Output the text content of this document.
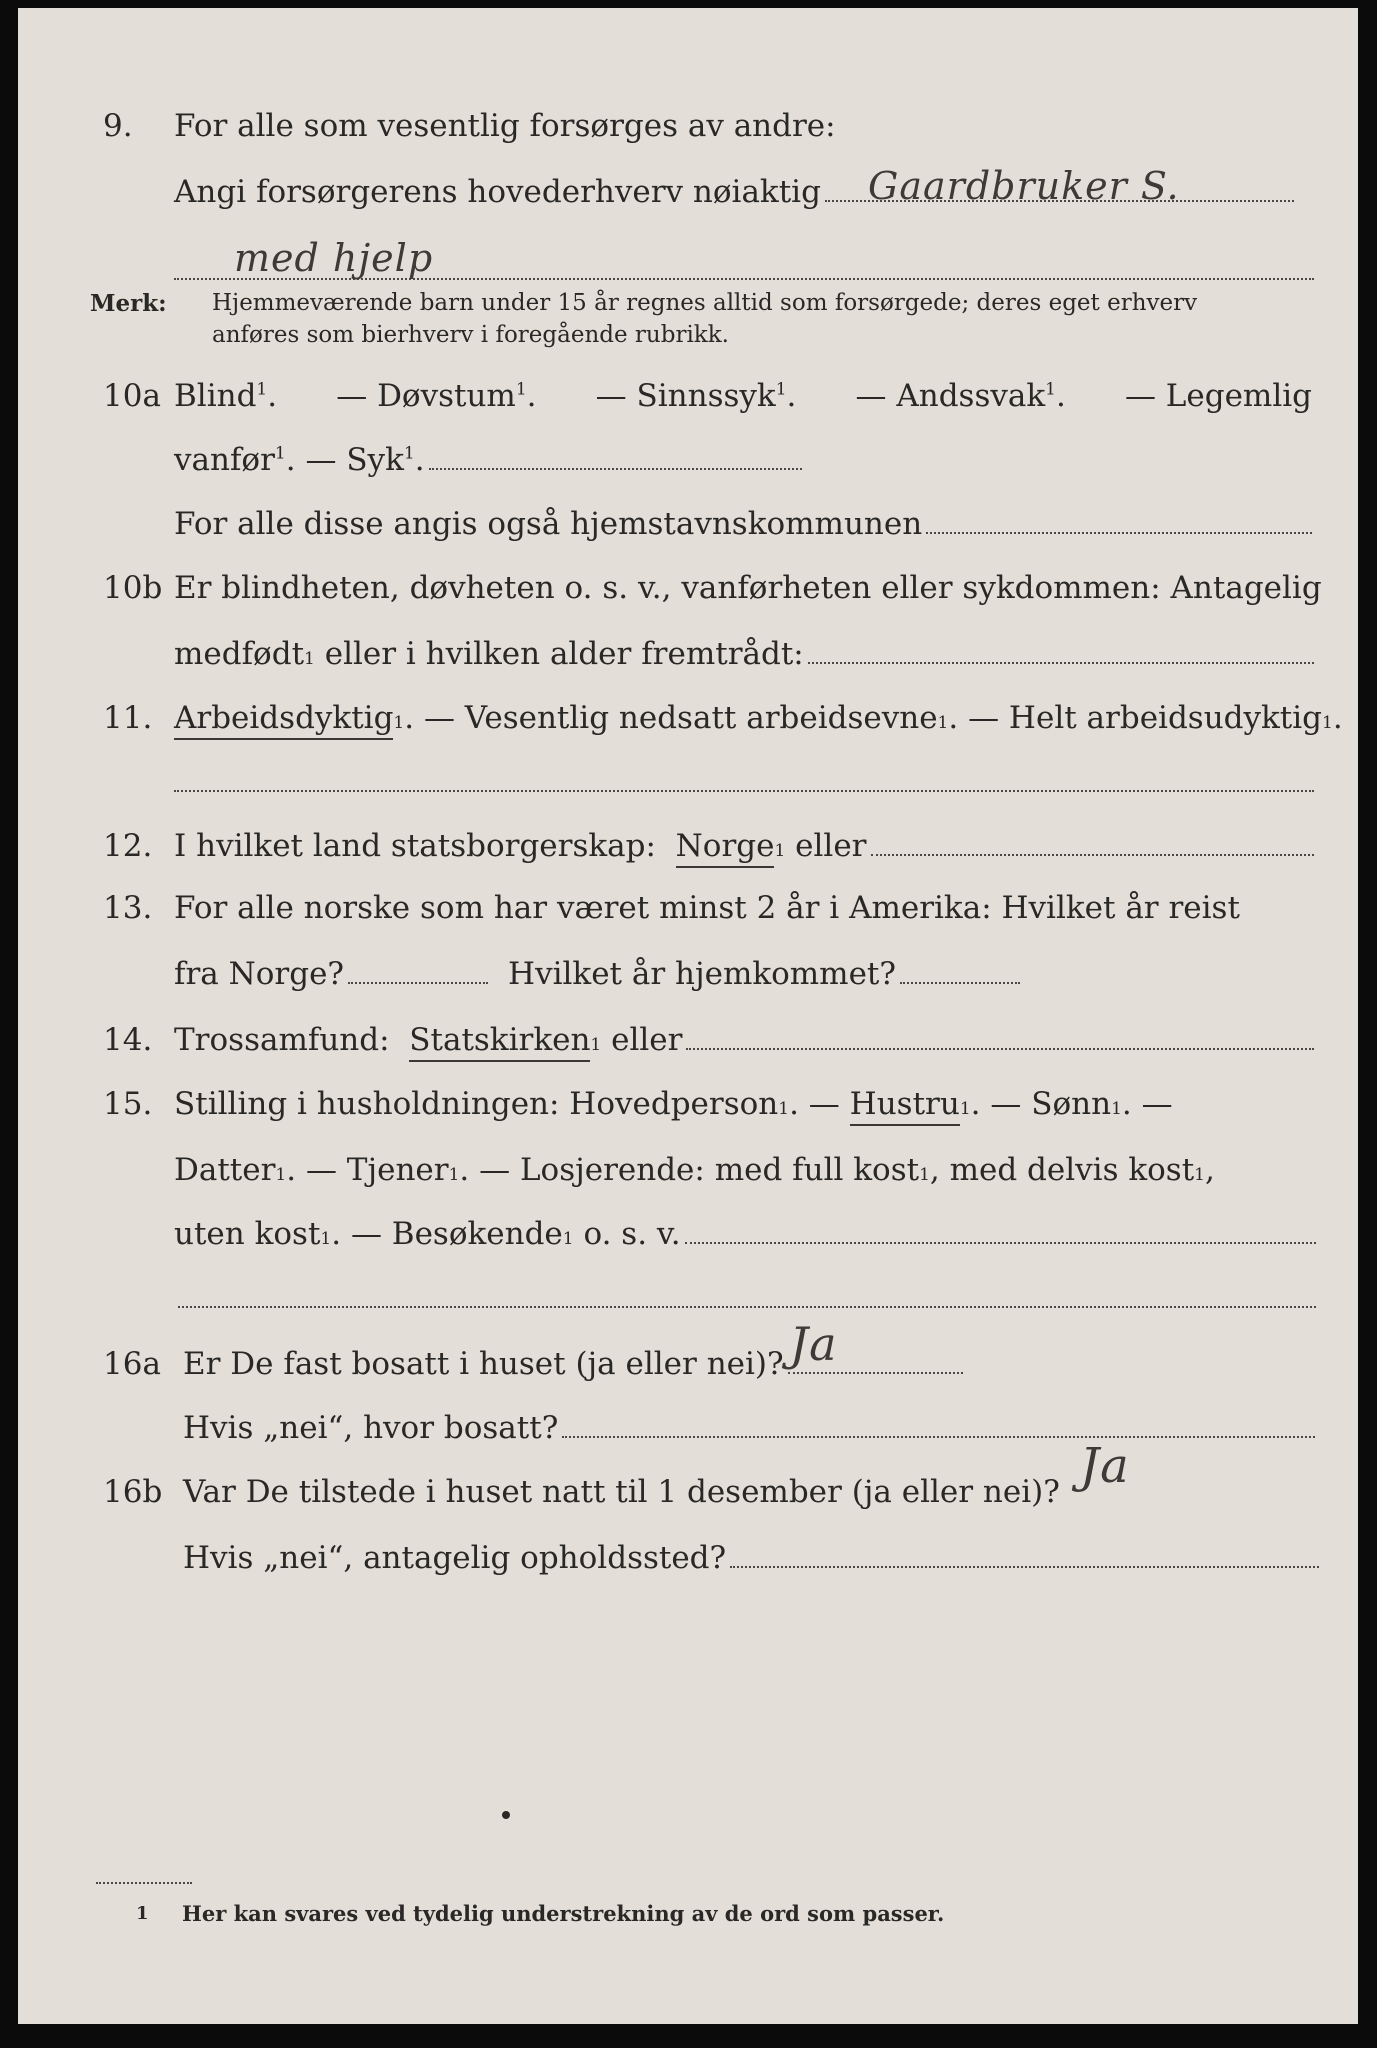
9. For alle som vesentlig forsørges av andre:
Angi forsørgerens hovederhverv nøiaktig Gaardbruker S.
med hjelp
Merk: Hjemmeværende barn under 15 år regnes alltid som forsørgede; deres eget erhverv
anføres som bierhverv i foregående rubrikk.
10a Blind$^1$. — Døvstum$^1$. — Sinnssyk$^1$. — Andssvak$^1$. — Legemlig
vanfør$^1$. — Syk$^1$.
For alle disse angis også hjemstavnskommunen
10b Er blindheten, døvheten o. s. v., vanførheten eller sykdommen: Antagelig
medfødt 1
eller i hvilken alder fremtrådt:
11. Arbeidsdyktig 1 . — Vesentlig nedsatt arbeidsevne 1 . — Helt arbeidsudyktig 1 .
12. I hvilket land statsborgerskap:
Norge 1
eller
13. For alle norske som har været minst 2 år i Amerika: Hvilket år reist
fra Norge?	Hvilket år hjemkommet?
14. Trossamfund:
Statskirken 1
eller
15. Stilling i husholdningen: Hovedperson 1 . —
Hustru 1 . — Sønn 1 . —
Datter 1 . — Tjener 1 . — Losjerende: med full kost 1 , med delvis kost 1 ,
uten kost 1 . — Besøkende 1
o. s. v.
16a Er De fast bosatt i huset (ja eller nei)? Ja
Hvis „nei“, hvor bosatt?
16b Var De tilstede i huset natt til 1 desember (ja eller nei)? Ja
Hvis „nei“, antagelig opholdssted?
1 Her kan svares ved tydelig understrekning av de ord som passer.
